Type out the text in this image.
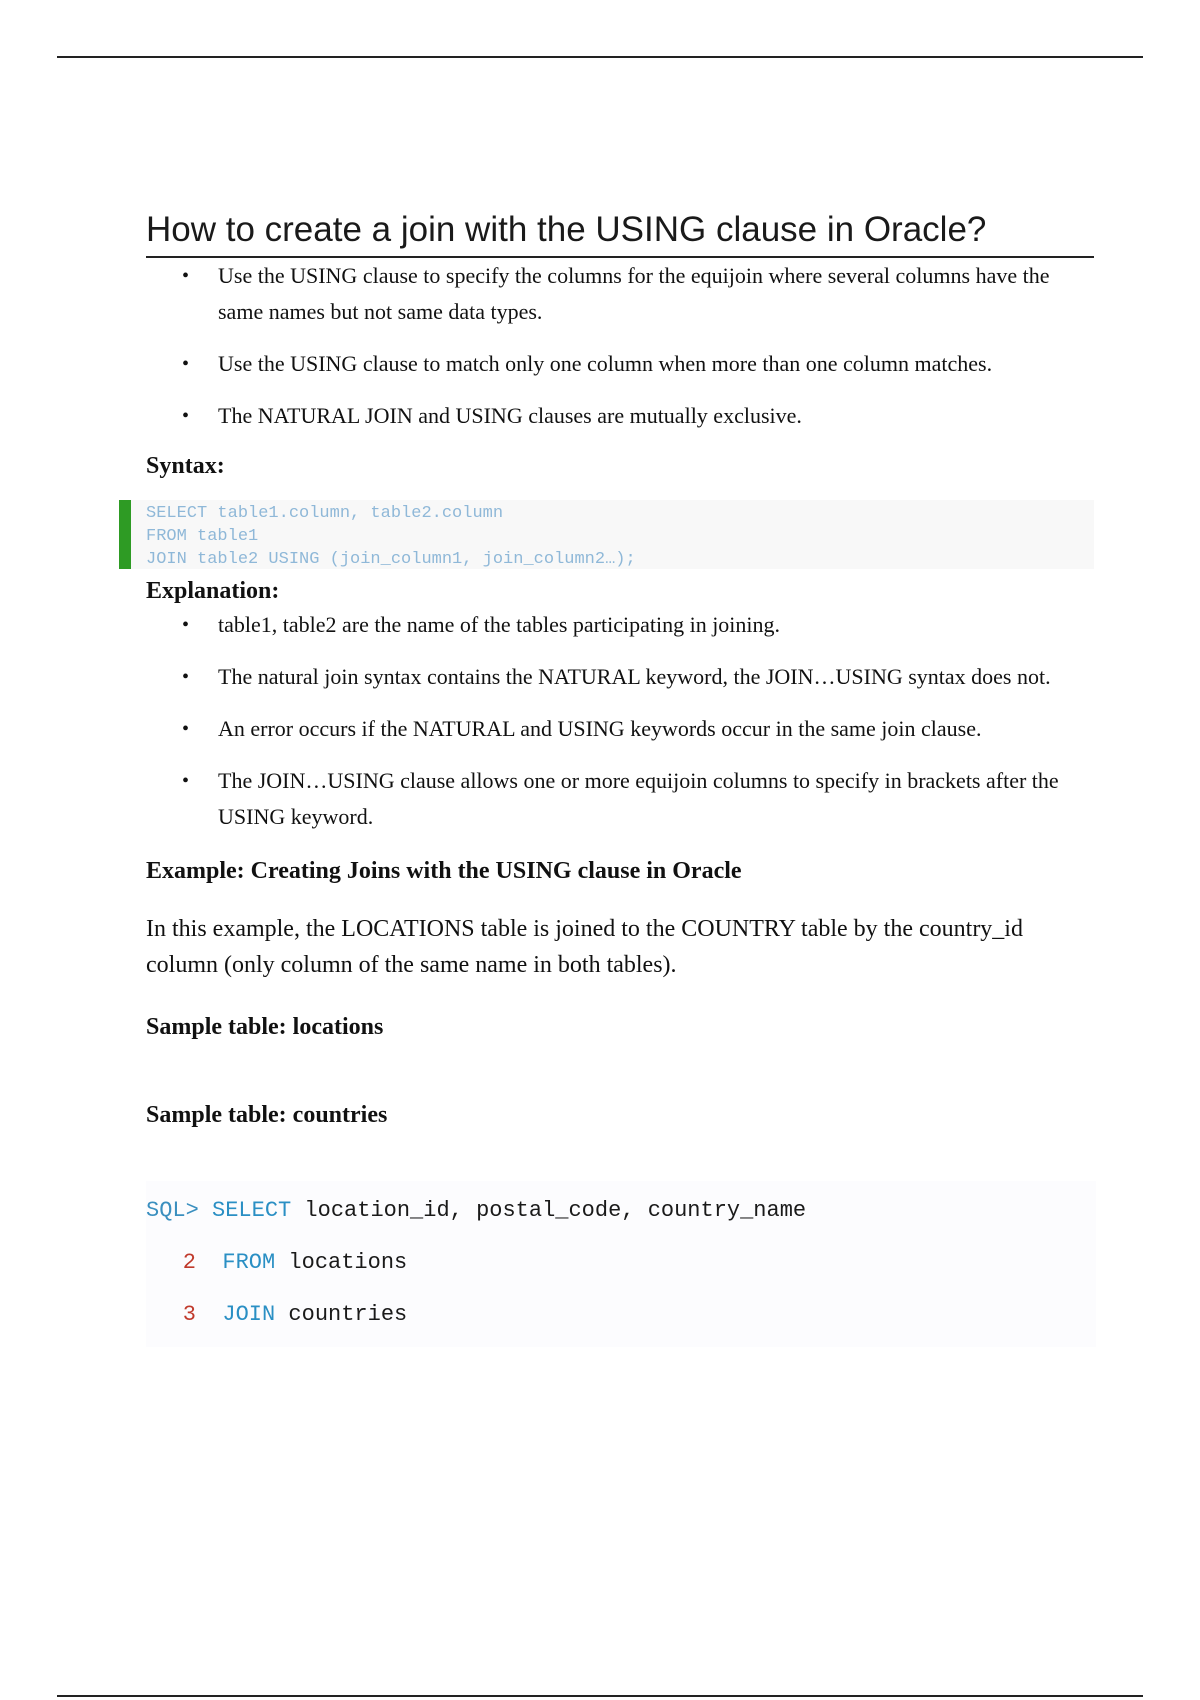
How to create a join with the USING clause in Oracle?
• Use the USING clause to specify the columns for the equijoin where several columns have the same names but not same data types.
• Use the USING clause to match only one column when more than one column matches.
• The NATURAL JOIN and USING clauses are mutually exclusive.
Syntax:
SELECT table1.column, table2.column
FROM table1
JOIN table2 USING (join_column1, join_column2…);
Explanation:
• table1, table2 are the name of the tables participating in joining.
• The natural join syntax contains the NATURAL keyword, the JOIN…USING syntax does not.
• An error occurs if the NATURAL and USING keywords occur in the same join clause.
• The JOIN…USING clause allows one or more equijoin columns to specify in brackets after the USING keyword.
Example: Creating Joins with the USING clause in Oracle

In this example, the LOCATIONS table is joined to the COUNTRY table by the country_id column (only column of the same name in both tables).

Sample table: locations
Sample table: countries
SQL> SELECT location_id, postal_code, country_name
2 FROM locations
3 JOIN countries
